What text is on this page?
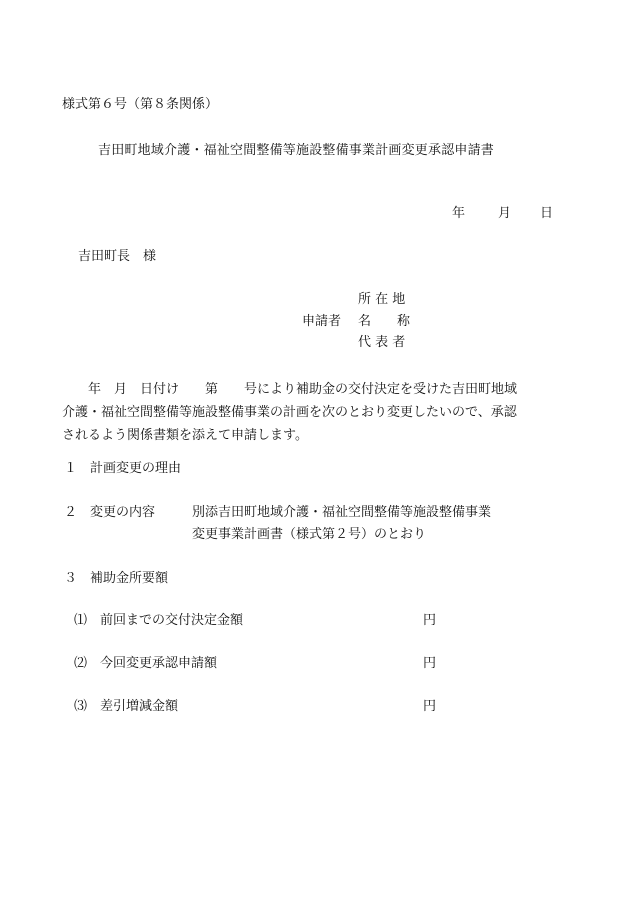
様式第６号（第８条関係）
吉田町地域介護・福祉空間整備等施設整備事業計画変更承認申請書
年	月 日
吉田町長　様
申請者
所 在 地
名　　称
代 表 者
年　月　日付け　　第　　号により補助金の交付決定を受けた吉田町地域
介護・福祉空間整備等施設整備事業の計画を次のとおり変更したいので、承認
されるよう関係書類を添えて申請します。
１　計画変更の理由
２　変更の内容	別添吉田町地域介護・福祉空間整備等施設整備事業
変更事業計画書（様式第２号）のとおり
３　補助金所要額
⑴　前回までの交付決定金額	円
⑵　今回変更承認申請額	円
⑶　差引増減金額	円
